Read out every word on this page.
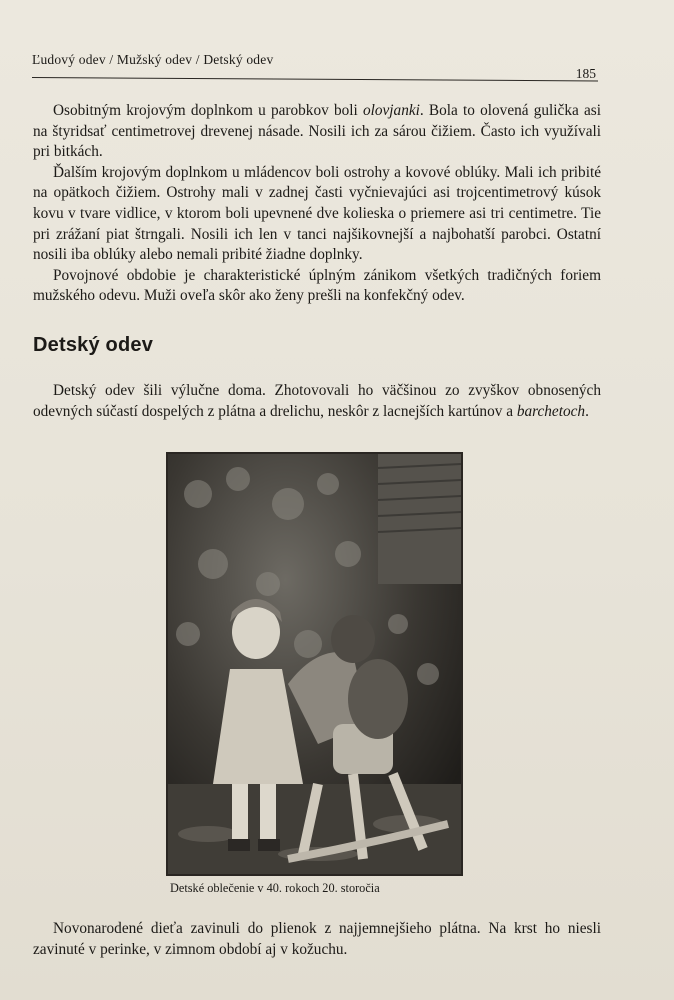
Ľudový odev / Mužský odev / Detský odev
185

Osobitným krojovým doplnkom u parobkov boli olovjanki. Bola to olovená gulička asi na štyridsať centimetrovej drevenej násade. Nosili ich za sárou čižiem. Často ich využívali pri bitkách.

Ďalším krojovým doplnkom u mládencov boli ostrohy a kovové oblúky. Mali ich pribité na opätkoch čižiem. Ostrohy mali v zadnej časti vyčnievajúci asi trojcentimetrový kúsok kovu v tvare vidlice, v ktorom boli upevnené dve kolieska o priemere asi tri centimetre. Tie pri zrážaní piat štrngali. Nosili ich len v tanci najšikovnejší a najbohatší parobci. Ostatní nosili iba oblúky alebo nemali pribité žiadne doplnky.

Povojnové obdobie je charakteristické úplným zánikom všetkých tradičných foriem mužského odevu. Muži oveľa skôr ako ženy prešli na konfekčný odev.

Detský odev

Detský odev šili výlučne doma. Zhotovovali ho väčšinou zo zvyškov obnosených odevných súčastí dospelých z plátna a drelichu, neskôr z lacnejších kartúnov a barchetoch.

Detské oblečenie v 40. rokoch 20. storočia

Novonarodené dieťa zavinuli do plienok z najjemnejšieho plátna. Na krst ho niesli zavinuté v perinke, v zimnom období aj v kožuchu.
